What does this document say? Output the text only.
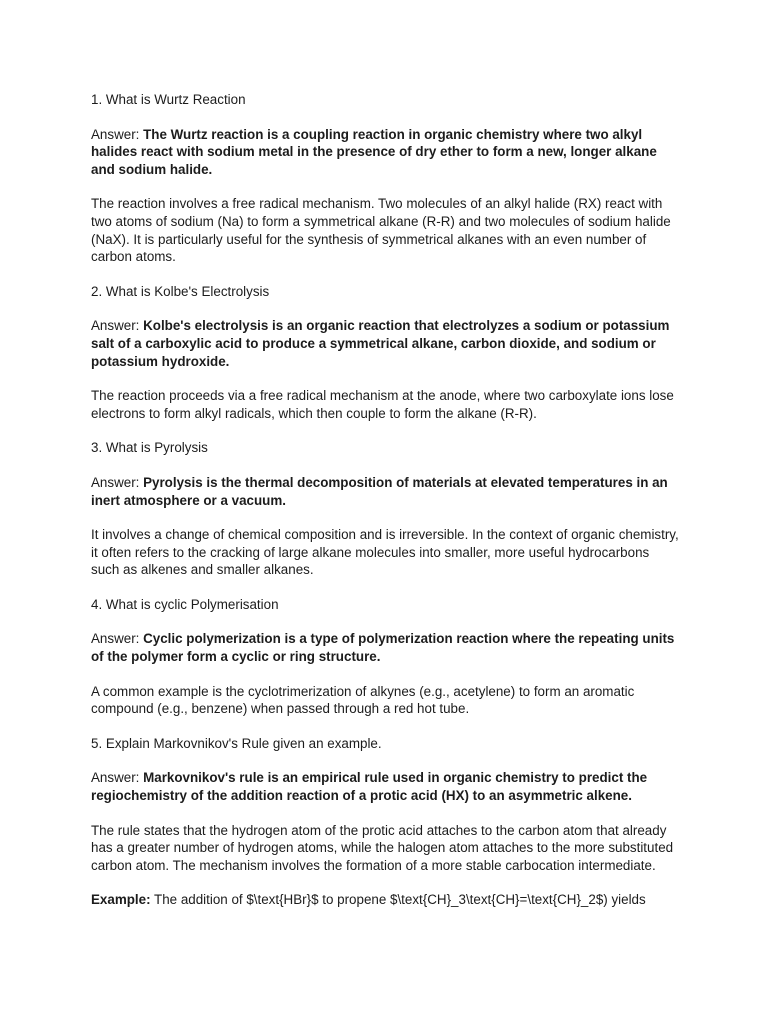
1. What is Wurtz Reaction

Answer: The Wurtz reaction is a coupling reaction in organic chemistry where two alkyl halides react with sodium metal in the presence of dry ether to form a new, longer alkane and sodium halide.

The reaction involves a free radical mechanism. Two molecules of an alkyl halide (RX) react with two atoms of sodium (Na) to form a symmetrical alkane (R-R) and two molecules of sodium halide (NaX). It is particularly useful for the synthesis of symmetrical alkanes with an even number of carbon atoms.

2. What is Kolbe's Electrolysis

Answer: Kolbe's electrolysis is an organic reaction that electrolyzes a sodium or potassium salt of a carboxylic acid to produce a symmetrical alkane, carbon dioxide, and sodium or potassium hydroxide.

The reaction proceeds via a free radical mechanism at the anode, where two carboxylate ions lose electrons to form alkyl radicals, which then couple to form the alkane (R-R).

3. What is Pyrolysis

Answer: Pyrolysis is the thermal decomposition of materials at elevated temperatures in an inert atmosphere or a vacuum.

It involves a change of chemical composition and is irreversible. In the context of organic chemistry, it often refers to the cracking of large alkane molecules into smaller, more useful hydrocarbons such as alkenes and smaller alkanes.

4. What is cyclic Polymerisation

Answer: Cyclic polymerization is a type of polymerization reaction where the repeating units of the polymer form a cyclic or ring structure.

A common example is the cyclotrimerization of alkynes (e.g., acetylene) to form an aromatic compound (e.g., benzene) when passed through a red hot tube.

5. Explain Markovnikov's Rule given an example.

Answer: Markovnikov's rule is an empirical rule used in organic chemistry to predict the regiochemistry of the addition reaction of a protic acid (HX) to an asymmetric alkene.

The rule states that the hydrogen atom of the protic acid attaches to the carbon atom that already has a greater number of hydrogen atoms, while the halogen atom attaches to the more substituted carbon atom. The mechanism involves the formation of a more stable carbocation intermediate.

Example: The addition of $\text{HBr}$ to propene $\text{CH}_3\text{CH}=\text{CH}_2$) yields
